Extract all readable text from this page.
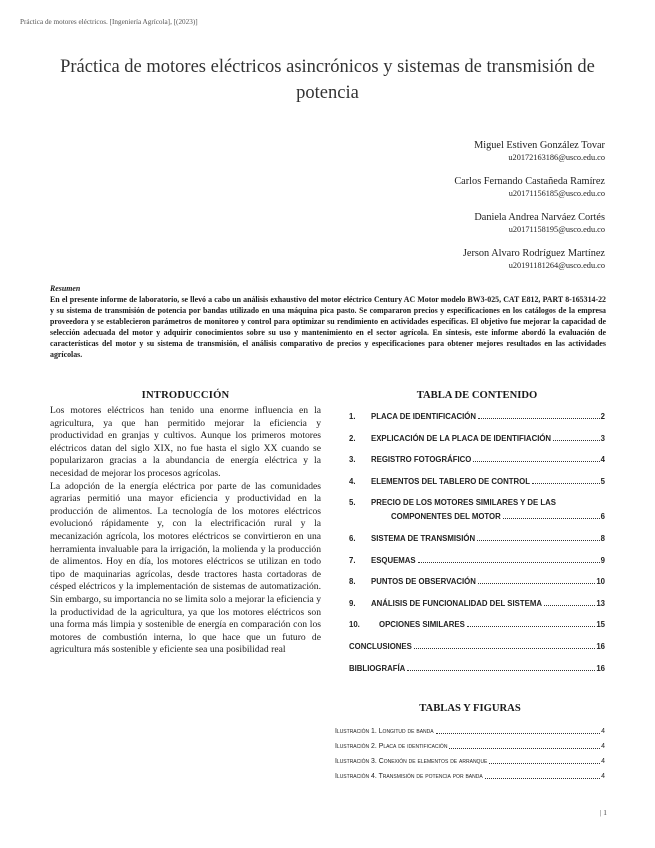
Práctica de motores eléctricos. [Ingeniería Agrícola], [(2023)]
Práctica de motores eléctricos asincrónicos y sistemas de transmisión de potencia
Miguel Estiven González Tovar
u20172163186@usco.edu.co
Carlos Fernando Castañeda Ramírez
u20171156185@usco.edu.co
Daniela Andrea Narváez Cortés
u20171158195@usco.edu.co
Jerson Alvaro Rodríguez Martínez
u20191181264@usco.edu.co
Resumen
En el presente informe de laboratorio, se llevó a cabo un análisis exhaustivo del motor eléctrico Century AC Motor modelo BW3-025, CAT E812, PART 8-165314-22 y su sistema de transmisión de potencia por bandas utilizado en una máquina pica pasto. Se compararon precios y especificaciones en los catálogos de la empresa proveedora y se establecieron parámetros de monitoreo y control para optimizar su rendimiento en actividades específicas. El objetivo fue mejorar la capacidad de selección adecuada del motor y adquirir conocimientos sobre su uso y mantenimiento en el sector agrícola. En síntesis, este informe abordó la evaluación de características del motor y su sistema de transmisión, el análisis comparativo de precios y especificaciones para obtener mejores resultados en las actividades agrícolas.
INTRODUCCIÓN

Los motores eléctricos han tenido una enorme influencia en la agricultura, ya que han permitido mejorar la eficiencia y productividad en granjas y cultivos. Aunque los primeros motores eléctricos datan del siglo XIX, no fue hasta el siglo XX cuando se popularizaron gracias a la abundancia de energía eléctrica y la necesidad de mejorar los procesos agrícolas.

La adopción de la energía eléctrica por parte de las comunidades agrarias permitió una mayor eficiencia y productividad en la producción de alimentos. La tecnología de los motores eléctricos evolucionó rápidamente y, con la electrificación rural y la mecanización agrícola, los motores eléctricos se convirtieron en una herramienta invaluable para la irrigación, la molienda y la producción de alimentos. Hoy en día, los motores eléctricos se utilizan en todo tipo de maquinarias agrícolas, desde tractores hasta cortadoras de césped eléctricos y la implementación de sistemas de automatización. Sin embargo, su importancia no se limita solo a mejorar la eficiencia y la productividad de la agricultura, ya que los motores eléctricos son una forma más limpia y sostenible de energía en comparación con los motores de combustión interna, lo que hace que un futuro de agricultura más sostenible y eficiente sea una posibilidad real

TABLA DE CONTENIDO
1.	PLACA DE IDENTIFICACIÓN	2
2.	EXPLICACIÓN DE LA PLACA DE IDENTIFIACIÓN	3
3.	REGISTRO FOTOGRÁFICO	4
4.	ELEMENTOS DEL TABLERO DE CONTROL	5
5.	PRECIO DE LOS MOTORES SIMILARES Y DE LAS
COMPONENTES DEL MOTOR	6
6.	SISTEMA DE TRANSMISIÓN	8
7.	ESQUEMAS	9
8.	PUNTOS DE OBSERVACIÓN	10
9.	ANÁLISIS DE FUNCIONALIDAD DEL SISTEMA	13
10.	OPCIONES SIMILARES	15
CONCLUSIONES	16
BIBLIOGRAFÍA	16
TABLAS Y FIGURAS
Ilustración 1. Longitud de banda	4
Ilustración 2. Placa de identificación	4
Ilustración 3. Conexión de elementos de arranque	4
Ilustración 4. Transmisión de potencia por banda	4
| 1
